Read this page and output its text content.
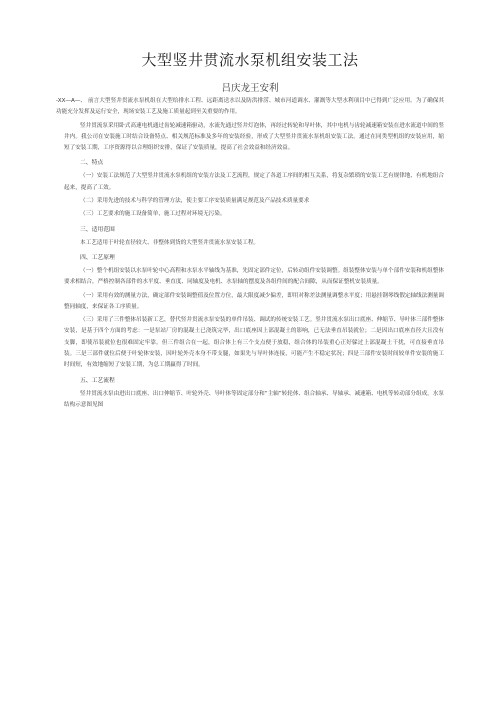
大型竖井贯流水泵机组安装工法
吕庆龙王安利

-XX—A—、 前言大型竖井贯流水泵机组在大型给排水工程、远距离送水以及防洪排涝、城市河道调水、灌溉等大型水利项目中已得到广泛应用。为了确保其功能充分发挥及运行安全，现场安装工艺及施工质量起到至关重要的作用。

竖井贯流泵采用卧式高速电机通过齿轮减速箱驱动，水流先通过竖井灯泡体，再经过转轮和导叶体，其中电机与齿轮减速箱安装在进水流道中间的竖井内。我公司在安装施工时结合设备特点、相关规范标准及多年的安装经验，形成了大型竖井贯流水泵机组安装工法。通过在同类型机组的安装应用，缩短了安装工期，工序资源得以合理组织安排，保证了安装质量，提高了社会效益和经济效益。

二、特点

（一）安装工法规范了大型竖井贯流水泵机组的安装方法及工艺流程，规定了各道工序间的相互关系，将复杂繁琐的安装工艺有规律地、有机地组合起来，提高了工效。

（二）采用先进的技术与科学的管理方法，使主要工序安装质量满足规范及产品技术质量要求

（三）工艺要求的施工设备简单，施工过程对环境无污染。

三、适用范围

本工艺适用于叶轮直径较大、非整体到货的大型竖井贯流水泵安装工程。

四、工艺原理

（一）整个机组安装以水泵叶轮中心高程和水泵水平轴线为基准，先固定部件定位，后转动组件安装调整。组装整体安装与单个部件安装和机组整体要求相结合，严格控制各部件的水平度、垂直度、同轴度及电机、水泵轴的摆度及各组件间的配合间隙，从而保证整机安装质量。

（一）采用有效的测量方法，确定部件安装调整值及位置方位，最大限度减少偏差，即用对称差法测量调整水平度；用悬挂钢琴线假定轴线法测量调整同轴度，来保证各工序质量。

（三）采用了三件整体吊装新工艺，替代竖井贯流水泵安装的单件吊装、调试的传统安装工艺。竖井贯流水泵出口底座、伸缩节、导叶体三部件整体安装，是基于四个方面的考虑：一是泵站厂房的混凝土已浇筑完毕，出口底座因上部混凝土的影响，已无法垂直吊装就位；二是因出口底座直径大且没有支脚，即使吊装就位也很难固定牢靠。但三件组合在一起，组合体上有三个支点便于放稳，组合体的吊装重心正好躲过上部混凝土干扰，可直接垂直吊装。三是三部件就位后便于叶轮体安装，因叶轮外壳本身不带支腿，如果先与导叶体连接，可能产生不稳定状况；四是三部件安装时间较单件安装的施工时间短，有效地缩短了安装工期，为总工期赢得了时间。

五、工艺流程

竖井贯流水泵由进出口底座、出口伸缩节、叶轮外壳、导叶体等固定部分和“主轴”转轮体、组合轴承、导轴承、减速箱、电机等转动部分组成。水泵结构示意图见图
